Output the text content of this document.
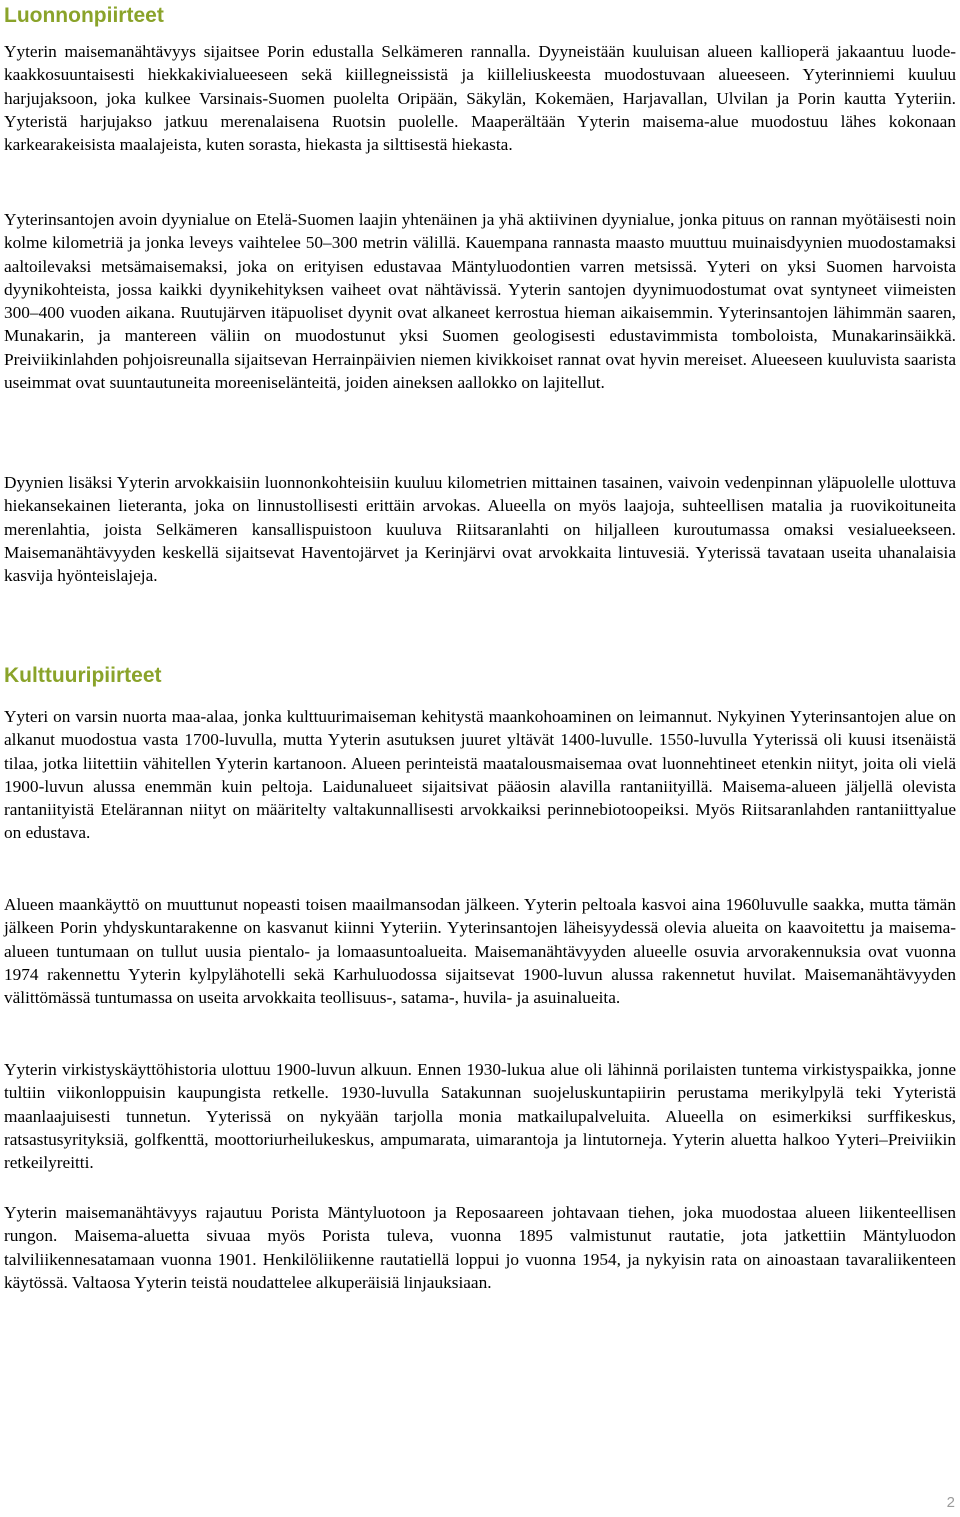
Luonnonpiirteet

Yyterin maisemanähtävyys sijaitsee Porin edustalla Selkämeren rannalla. Dyyneistään kuuluisan alueen kallioperä jakaantuu luode-kaakkosuuntaisesti hiekkakivialueeseen sekä kiillegneissistä ja kiilleliuskeesta muodostuvaan alueeseen. Yyterinniemi kuuluu harjujaksoon, joka kulkee Varsinais-Suomen puolelta Oripään, Säkylän, Kokemäen, Harjavallan, Ulvilan ja Porin kautta Yyteriin. Yyteristä harjujakso jatkuu merenalaisena Ruotsin puolelle. Maaperältään Yyterin maisema-alue muodostuu lähes kokonaan karkearakeisista maalajeista, kuten sorasta, hiekasta ja silttisestä hiekasta.

Yyterinsantojen avoin dyynialue on Etelä-Suomen laajin yhtenäinen ja yhä aktiivinen dyynialue, jonka pituus on rannan myötäisesti noin kolme kilometriä ja jonka leveys vaihtelee 50–300 metrin välillä. Kauempana rannasta maasto muuttuu muinaisdyynien muodostamaksi aaltoilevaksi metsämaisemaksi, joka on erityisen edustavaa Mäntyluodontien varren metsissä. Yyteri on yksi Suomen harvoista dyynikohteista, jossa kaikki dyynikehityksen vaiheet ovat nähtävissä. Yyterin santojen dyynimuodostumat ovat syntyneet viimeisten 300–400 vuoden aikana. Ruutujärven itäpuoliset dyynit ovat alkaneet kerrostua hieman aikaisemmin. Yyterinsantojen lähimmän saaren, Munakarin, ja mantereen väliin on muodostunut yksi Suomen geologisesti edustavimmista tomboloista, Munakarinsäikkä. Preiviikinlahden pohjoisreunalla sijaitsevan Herrainpäivien niemen kivikkoiset rannat ovat hyvin mereiset. Alueeseen kuuluvista saarista useimmat ovat suuntautuneita moreeniselänteitä, joiden aineksen aallokko on lajitellut.

Dyynien lisäksi Yyterin arvokkaisiin luonnonkohteisiin kuuluu kilometrien mittainen tasainen, vaivoin vedenpinnan yläpuolelle ulottuva hiekansekainen lieteranta, joka on linnustollisesti erittäin arvokas. Alueella on myös laajoja, suhteellisen matalia ja ruovikoituneita merenlahtia, joista Selkämeren kansallispuistoon kuuluva Riitsaranlahti on hiljalleen kuroutumassa omaksi vesialueekseen. Maisemanähtävyyden keskellä sijaitsevat Haventojärvet ja Kerinjärvi ovat arvokkaita lintuvesiä. Yyterissä tavataan useita uhanalaisia kasvija hyönteislajeja.

Kulttuuripiirteet

Yyteri on varsin nuorta maa-alaa, jonka kulttuurimaiseman kehitystä maankohoaminen on leimannut. Nykyinen Yyterinsantojen alue on alkanut muodostua vasta 1700-luvulla, mutta Yyterin asutuksen juuret yltävät 1400-luvulle. 1550-luvulla Yyterissä oli kuusi itsenäistä tilaa, jotka liitettiin vähitellen Yyterin kartanoon. Alueen perinteistä maatalousmaisemaa ovat luonnehtineet etenkin niityt, joita oli vielä 1900-luvun alussa enemmän kuin peltoja. Laidunalueet sijaitsivat pääosin alavilla rantaniityillä. Maisema-alueen jäljellä olevista rantaniityistä Etelärannan niityt on määritelty valtakunnallisesti arvokkaiksi perinnebiotoopeiksi. Myös Riitsaranlahden rantaniittyalue on edustava.

Alueen maankäyttö on muuttunut nopeasti toisen maailmansodan jälkeen. Yyterin peltoala kasvoi aina 1960luvulle saakka, mutta tämän jälkeen Porin yhdyskuntarakenne on kasvanut kiinni Yyteriin. Yyterinsantojen läheisyydessä olevia alueita on kaavoitettu ja maisema-alueen tuntumaan on tullut uusia pientalo- ja lomaasuntoalueita. Maisemanähtävyyden alueelle osuvia arvorakennuksia ovat vuonna 1974 rakennettu Yyterin kylpylähotelli sekä Karhuluodossa sijaitsevat 1900-luvun alussa rakennetut huvilat. Maisemanähtävyyden välittömässä tuntumassa on useita arvokkaita teollisuus-, satama-, huvila- ja asuinalueita.

Yyterin virkistyskäyttöhistoria ulottuu 1900-luvun alkuun. Ennen 1930-lukua alue oli lähinnä porilaisten tuntema virkistyspaikka, jonne tultiin viikonloppuisin kaupungista retkelle. 1930-luvulla Satakunnan suojeluskuntapiirin perustama merikylpylä teki Yyteristä maanlaajuisesti tunnetun. Yyterissä on nykyään tarjolla monia matkailupalveluita. Alueella on esimerkiksi surffikeskus, ratsastusyrityksiä, golfkenttä, moottoriurheilukeskus, ampumarata, uimarantoja ja lintutorneja. Yyterin aluetta halkoo Yyteri–Preiviikin retkeilyreitti.

Yyterin maisemanähtävyys rajautuu Porista Mäntyluotoon ja Reposaareen johtavaan tiehen, joka muodostaa alueen liikenteellisen rungon. Maisema-aluetta sivuaa myös Porista tuleva, vuonna 1895 valmistunut rautatie, jota jatkettiin Mäntyluodon talviliikennesatamaan vuonna 1901. Henkilöliikenne rautatiellä loppui jo vuonna 1954, ja nykyisin rata on ainoastaan tavaraliikenteen käytössä. Valtaosa Yyterin teistä noudattelee alkuperäisiä linjauksiaan.

2
